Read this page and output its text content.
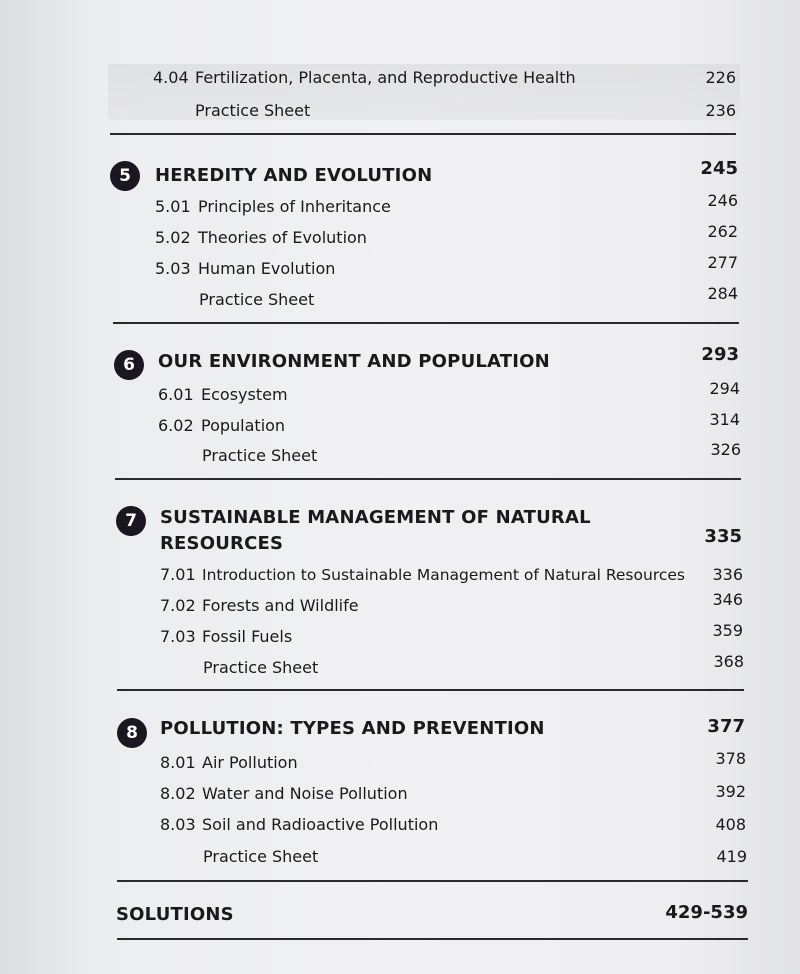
4.04 Fertilization, Placenta, and Reproductive Health	226
Practice Sheet	236
5	HEREDITY AND EVOLUTION	245
5.01 Principles of Inheritance	246
5.02 Theories of Evolution	262
5.03 Human Evolution	277
Practice Sheet	284
6	OUR ENVIRONMENT AND POPULATION	293
6.01 Ecosystem	294
6.02 Population	314
Practice Sheet	326
7	SUSTAINABLE MANAGEMENT OF NATURAL
RESOURCES	335
7.01 Introduction to Sustainable Management of Natural Resources	336
7.02 Forests and Wildlife	346
7.03 Fossil Fuels	359
Practice Sheet	368
8	POLLUTION: TYPES AND PREVENTION	377
8.01 Air Pollution	378
8.02 Water and Noise Pollution	392
8.03 Soil and Radioactive Pollution	408
Practice Sheet	419
SOLUTIONS	429-539
